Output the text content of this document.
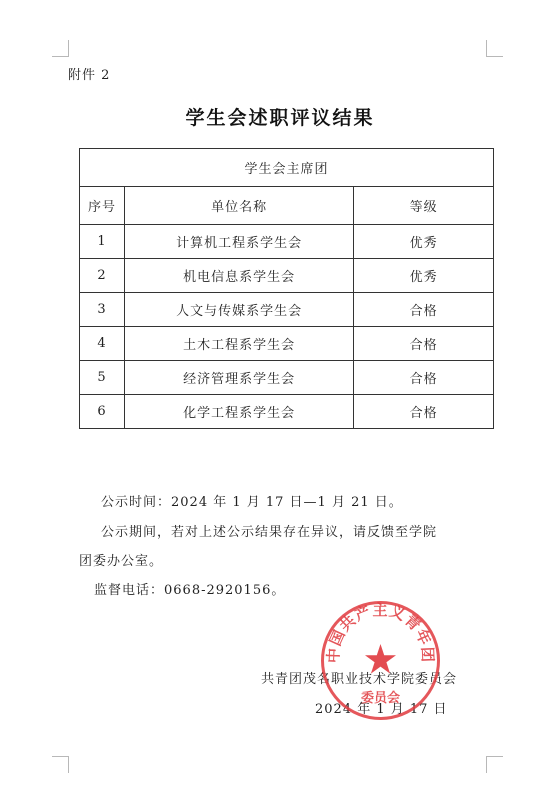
附件 2
学生会述职评议结果
学生会主席团		
序号	单位名称	等级
1	计算机工程系学生会	优秀
2	机电信息系学生会	优秀
3	人文与传媒系学生会	合格
4	土木工程系学生会	合格
5	经济管理系学生会	合格
6	化学工程系学生会	合格
公示时间：2024 年 1 月 17 日—1 月 21 日。
公示期间，若对上述公示结果存在异议，请反馈至学院
团委办公室。
监督电话：0668-2920156。
共青团茂名职业技术学院委员会
2024 年 1 月 17 日
中国共产主义青年团
委员会
